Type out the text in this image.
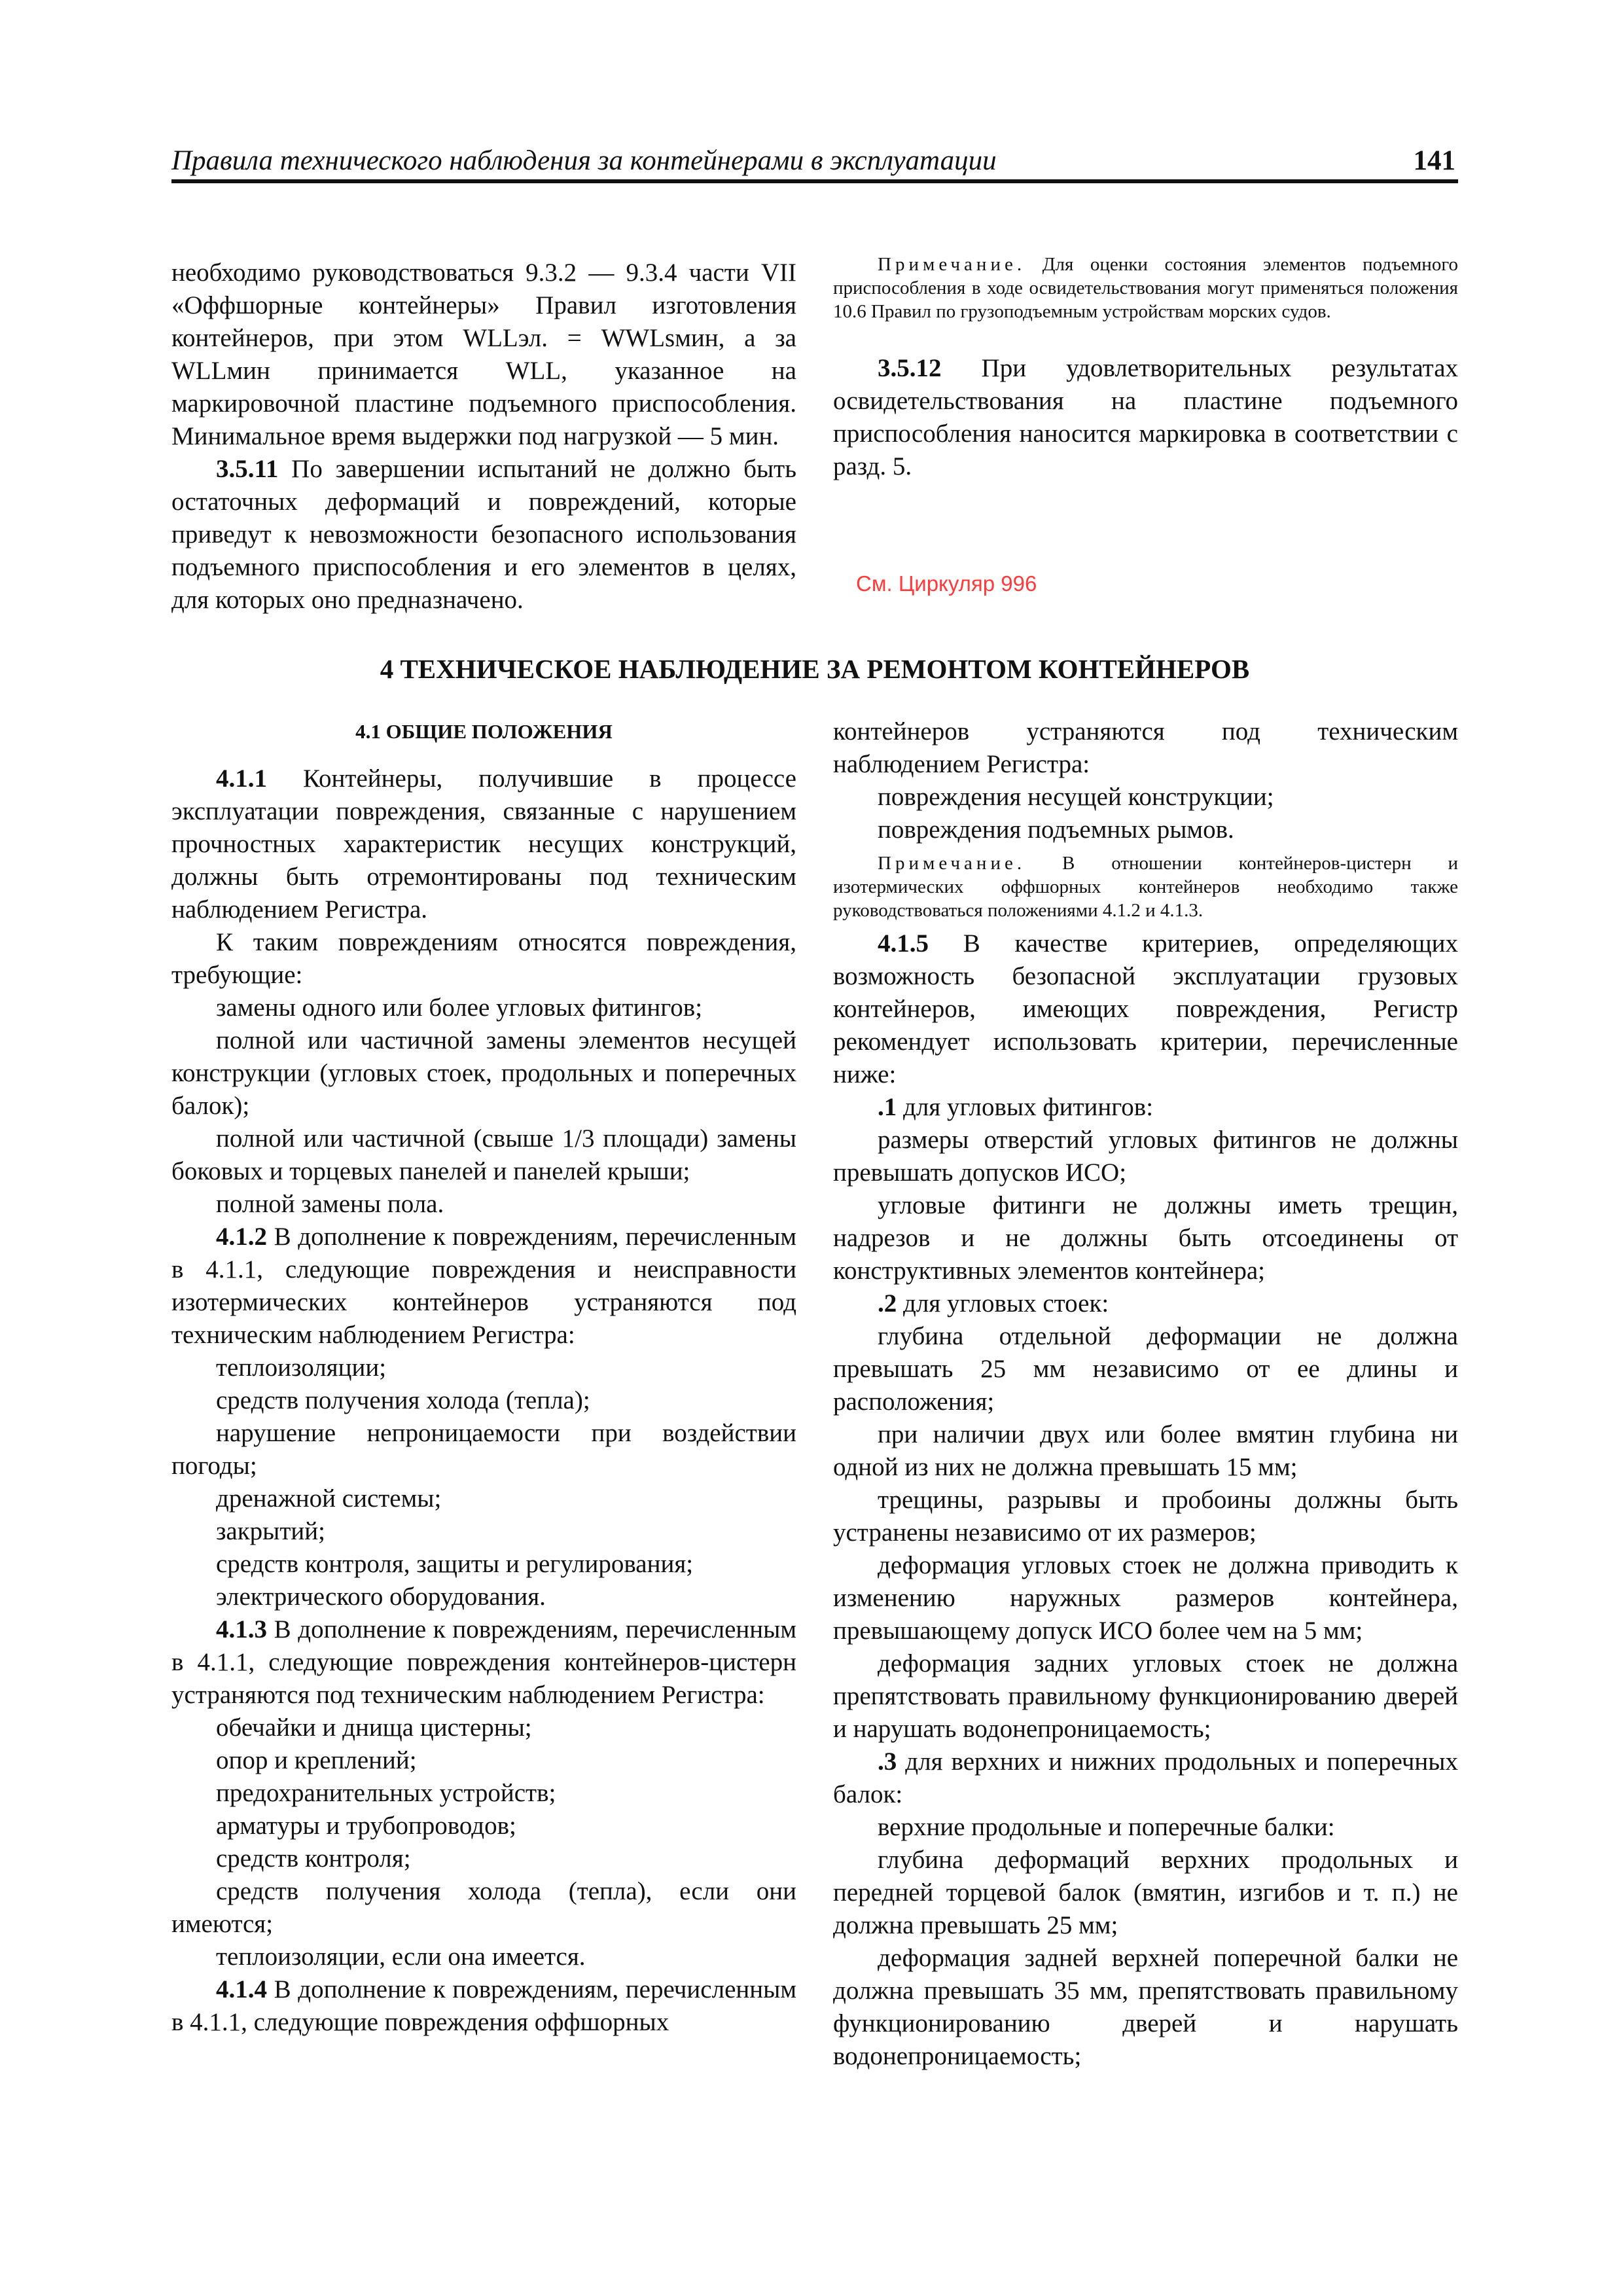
Правила технического наблюдения за контейнерами в эксплуатации	141

необходимо руководствоваться 9.3.2 — 9.3.4 части VII «Оффшорные контейнеры» Правил изготовления контейнеров, при этом WLLэл. = WWLsмин, а за WLLмин принимается WLL, указанное на маркировочной пластине подъемного приспособления. Минимальное время выдержки под нагрузкой — 5 мин.

3.5.11 По завершении испытаний не должно быть остаточных деформаций и повреждений, которые приведут к невозможности безопасного использования подъемного приспособления и его элементов в целях, для которых оно предназначено.

Примечание. Для оценки состояния элементов подъемного приспособления в ходе освидетельствования могут применяться положения 10.6 Правил по грузоподъемным устройствам морских судов.

3.5.12 При удовлетворительных результатах освидетельствования на пластине подъемного приспособления наносится маркировка в соответствии с разд. 5.

См. Циркуляр 996
4 ТЕХНИЧЕСКОЕ НАБЛЮДЕНИЕ ЗА РЕМОНТОМ КОНТЕЙНЕРОВ

4.1 ОБЩИЕ ПОЛОЖЕНИЯ

4.1.1 Контейнеры, получившие в процессе эксплуатации повреждения, связанные с нарушением прочностных характеристик несущих конструкций, должны быть отремонтированы под техническим наблюдением Регистра.

К таким повреждениям относятся повреждения, требующие:

замены одного или более угловых фитингов;

полной или частичной замены элементов несущей конструкции (угловых стоек, продольных и поперечных балок);

полной или частичной (свыше 1/3 площади) замены боковых и торцевых панелей и панелей крыши;

полной замены пола.

4.1.2 В дополнение к повреждениям, перечисленным в 4.1.1, следующие повреждения и неисправности изотермических контейнеров устраняются под техническим наблюдением Регистра:

теплоизоляции;

средств получения холода (тепла);

нарушение непроницаемости при воздействии погоды;

дренажной системы;

закрытий;

средств контроля, защиты и регулирования;

электрического оборудования.

4.1.3 В дополнение к повреждениям, перечисленным в 4.1.1, следующие повреждения контейнеров-цистерн устраняются под техническим наблюдением Регистра:

обечайки и днища цистерны;

опор и креплений;

предохранительных устройств;

арматуры и трубопроводов;

средств контроля;

средств получения холода (тепла), если они имеются;

теплоизоляции, если она имеется.

4.1.4 В дополнение к повреждениям, перечисленным в 4.1.1, следующие повреждения оффшорных

контейнеров устраняются под техническим наблюдением Регистра:

повреждения несущей конструкции;

повреждения подъемных рымов.

Примечание. В отношении контейнеров-цистерн и изотермических оффшорных контейнеров необходимо также руководствоваться положениями 4.1.2 и 4.1.3.

4.1.5 В качестве критериев, определяющих возможность безопасной эксплуатации грузовых контейнеров, имеющих повреждения, Регистр рекомендует использовать критерии, перечисленные ниже:

.1 для угловых фитингов:

размеры отверстий угловых фитингов не должны превышать допусков ИСО;

угловые фитинги не должны иметь трещин, надрезов и не должны быть отсоединены от конструктивных элементов контейнера;

.2 для угловых стоек:

глубина отдельной деформации не должна превышать 25 мм независимо от ее длины и расположения;

при наличии двух или более вмятин глубина ни одной из них не должна превышать 15 мм;

трещины, разрывы и пробоины должны быть устранены независимо от их размеров;

деформация угловых стоек не должна приводить к изменению наружных размеров контейнера, превышающему допуск ИСО более чем на 5 мм;

деформация задних угловых стоек не должна препятствовать правильному функционированию дверей и нарушать водонепроницаемость;

.3 для верхних и нижних продольных и поперечных балок:

верхние продольные и поперечные балки:

глубина деформаций верхних продольных и передней торцевой балок (вмятин, изгибов и т. п.) не должна превышать 25 мм;

деформация задней верхней поперечной балки не должна превышать 35 мм, препятствовать правильному функционированию дверей и нарушать водонепроницаемость;
